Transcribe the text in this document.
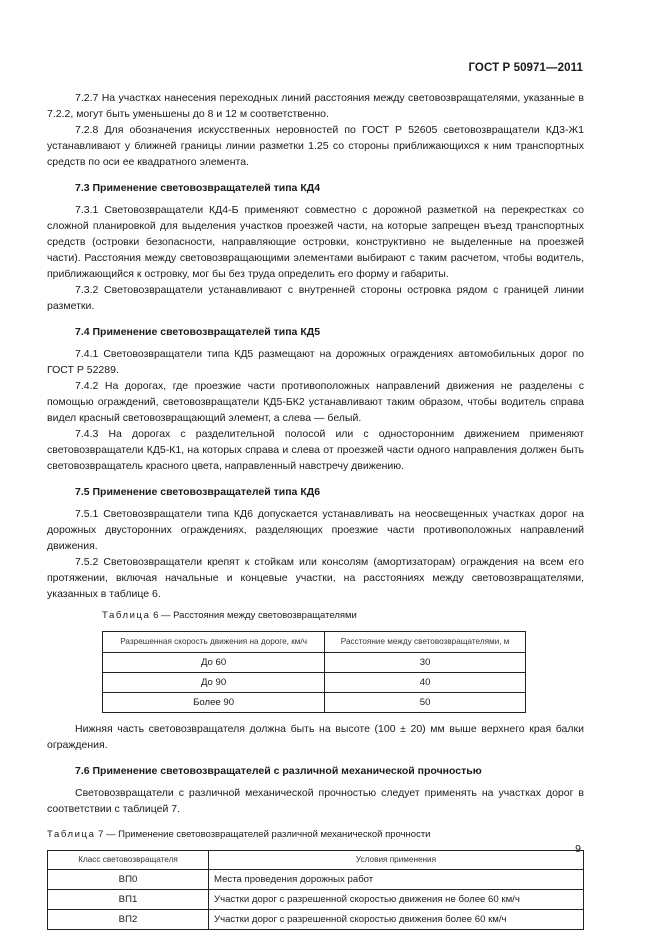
ГОСТ Р 50971—2011

7.2.7 На участках нанесения переходных линий расстояния между световозвращателями, указанные в 7.2.2, могут быть уменьшены до 8 и 12 м соответственно.

7.2.8 Для обозначения искусственных неровностей по ГОСТ Р 52605 световозвращатели КД3-Ж1 устанавливают у ближней границы линии разметки 1.25 со стороны приближающихся к ним транспортных средств по оси ее квадратного элемента.

7.3 Применение световозвращателей типа КД4

7.3.1 Световозвращатели КД4-Б применяют совместно с дорожной разметкой на перекрестках со сложной планировкой для выделения участков проезжей части, на которые запрещен въезд транспортных средств (островки безопасности, направляющие островки, конструктивно не выделенные на проезжей части). Расстояния между световозвращающими элементами выбирают с таким расчетом, чтобы водитель, приближающийся к островку, мог бы без труда определить его форму и габариты.

7.3.2 Световозвращатели устанавливают с внутренней стороны островка рядом с границей линии разметки.

7.4 Применение световозвращателей типа КД5

7.4.1 Световозвращатели типа КД5 размещают на дорожных ограждениях автомобильных дорог по ГОСТ Р 52289.

7.4.2 На дорогах, где проезжие части противоположных направлений движения не разделены с помощью ограждений, световозвращатели КД5-БК2 устанавливают таким образом, чтобы водитель справа видел красный световозвращающий элемент, а слева — белый.

7.4.3 На дорогах с разделительной полосой или с односторонним движением применяют световозвращатели КД5-К1, на которых справа и слева от проезжей части одного направления должен быть световозвращатель красного цвета, направленный навстречу движению.

7.5 Применение световозвращателей типа КД6

7.5.1 Световозвращатели типа КД6 допускается устанавливать на неосвещенных участках дорог на дорожных двусторонних ограждениях, разделяющих проезжие части противоположных направлений движения.

7.5.2 Световозвращатели крепят к стойкам или консолям (амортизаторам) ограждения на всем его протяжении, включая начальные и концевые участки, на расстояниях между световозвращателями, указанных в таблице 6.

Таблица 6 — Расстояния между световозвращателями
Разрешенная скорость движения на дороге, км/ч	Расстояние между световозвращателями, м
До 60	30
До 90	40
Более 90	50

Нижняя часть световозвращателя должна быть на высоте (100 ± 20) мм выше верхнего края балки ограждения.

7.6 Применение световозвращателей с различной механической прочностью

Световозвращатели с различной механической прочностью следует применять на участках дорог в соответствии с таблицей 7.

Таблица 7 — Применение световозвращателей различной механической прочности
Класс световозвращателя	Условия применения
ВП0	Места проведения дорожных работ
ВП1	Участки дорог с разрешенной скоростью движения не более 60 км/ч
ВП2	Участки дорог с разрешенной скоростью движения более 60 км/ч
9
